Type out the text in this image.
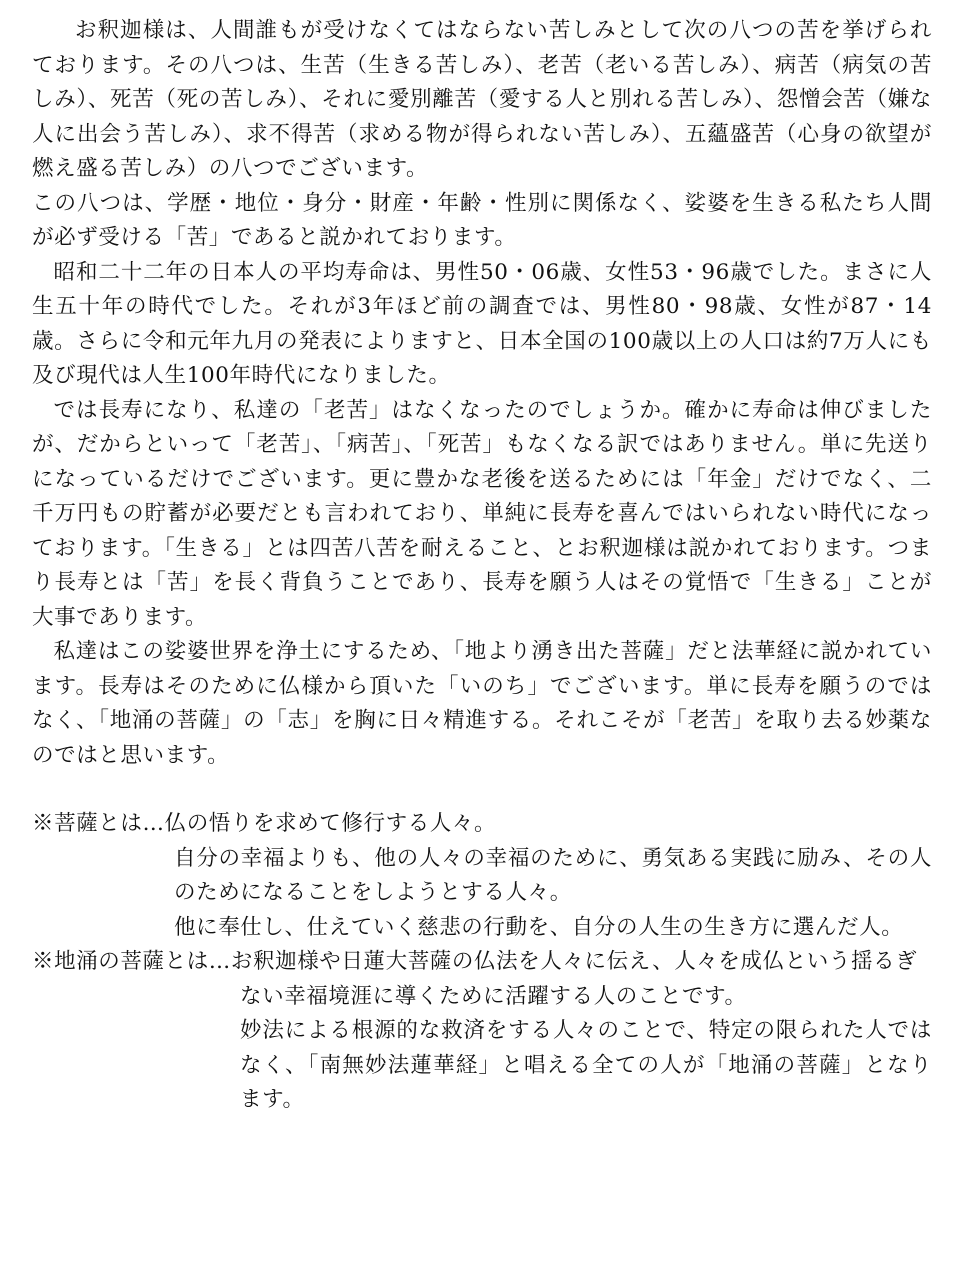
お釈迦様は、人間誰もが受けなくてはならない苦しみとして次の八つの苦を挙げられております。その八つは、生苦（生きる苦しみ）、老苦（老いる苦しみ）、病苦（病気の苦しみ）、死苦（死の苦しみ）、それに愛別離苦（愛する人と別れる苦しみ）、怨憎会苦（嫌な人に出会う苦しみ）、求不得苦（求める物が得られない苦しみ）、五蘊盛苦（心身の欲望が燃え盛る苦しみ）の八つでございます。

この八つは、学歴・地位・身分・財産・年齢・性別に関係なく、娑婆を生きる私たち人間が必ず受ける「苦」であると説かれております。

昭和二十二年の日本人の平均寿命は、男性50・06歳、女性53・96歳でした。まさに人生五十年の時代でした。それが3年ほど前の調査では、男性80・98歳、女性が87・14歳。さらに令和元年九月の発表によりますと、日本全国の100歳以上の人口は約7万人にも及び現代は人生100年時代になりました。

では長寿になり、私達の「老苦」はなくなったのでしょうか。確かに寿命は伸びましたが、だからといって「老苦」、「病苦」、「死苦」もなくなる訳ではありません。単に先送りになっているだけでございます。更に豊かな老後を送るためには「年金」だけでなく、二千万円もの貯蓄が必要だとも言われており、単純に長寿を喜んではいられない時代になっております。「生きる」とは四苦八苦を耐えること、とお釈迦様は説かれております。つまり長寿とは「苦」を長く背負うことであり、長寿を願う人はその覚悟で「生きる」ことが大事であります。

私達はこの娑婆世界を浄土にするため、「地より湧き出た菩薩」だと法華経に説かれています。長寿はそのために仏様から頂いた「いのち」でございます。単に長寿を願うのではなく、「地涌の菩薩」の「志」を胸に日々精進する。それこそが「老苦」を取り去る妙薬なのではと思います。

※菩薩とは…仏の悟りを求めて修行する人々。

自分の幸福よりも、他の人々の幸福のために、勇気ある実践に励み、その人のためになることをしようとする人々。

他に奉仕し、仕えていく慈悲の行動を、自分の人生の生き方に選んだ人。

※地涌の菩薩とは…お釈迦様や日蓮大菩薩の仏法を人々に伝え、人々を成仏という揺るぎ

ない幸福境涯に導くために活躍する人のことです。

妙法による根源的な救済をする人々のことで、特定の限られた人ではなく、「南無妙法蓮華経」と唱える全ての人が「地涌の菩薩」となります。
